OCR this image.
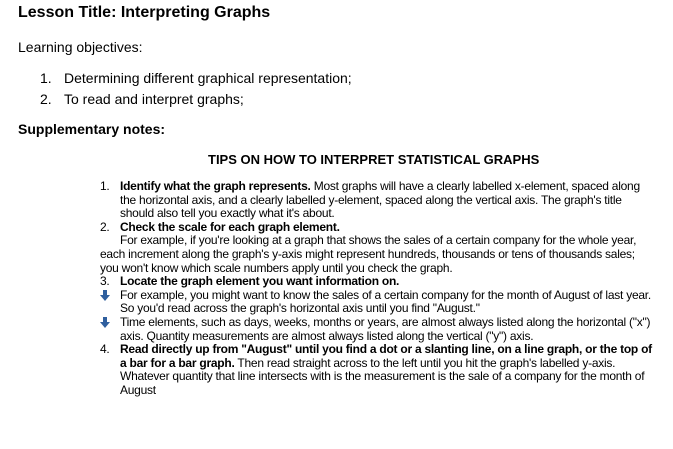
Lesson Title: Interpreting Graphs
Learning objectives:
1. Determining different graphical representation;
2. To read and interpret graphs;
Supplementary notes:
TIPS ON HOW TO INTERPRET STATISTICAL GRAPHS
1. Identify what the graph represents. Most graphs will have a clearly labelled x-element, spaced along the horizontal axis, and a clearly labelled y-element, spaced along the vertical axis. The graph's title should also tell you exactly what it's about.
2. Check the scale for each graph element.
For example, if you're looking at a graph that shows the sales of a certain company for the whole year, each increment along the graph's y-axis might represent hundreds, thousands or tens of thousands sales; you won't know which scale numbers apply until you check the graph.
3. Locate the graph element you want information on.
For example, you might want to know the sales of a certain company for the month of August of last year. So you'd read across the graph's horizontal axis until you find "August."
Time elements, such as days, weeks, months or years, are almost always listed along the horizontal ("x") axis. Quantity measurements are almost always listed along the vertical ("y") axis.
4. Read directly up from "August" until you find a dot or a slanting line, on a line graph, or the top of a bar for a bar graph. Then read straight across to the left until you hit the graph's labelled y-axis. Whatever quantity that line intersects with is the measurement is the sale of a company for the month of August
